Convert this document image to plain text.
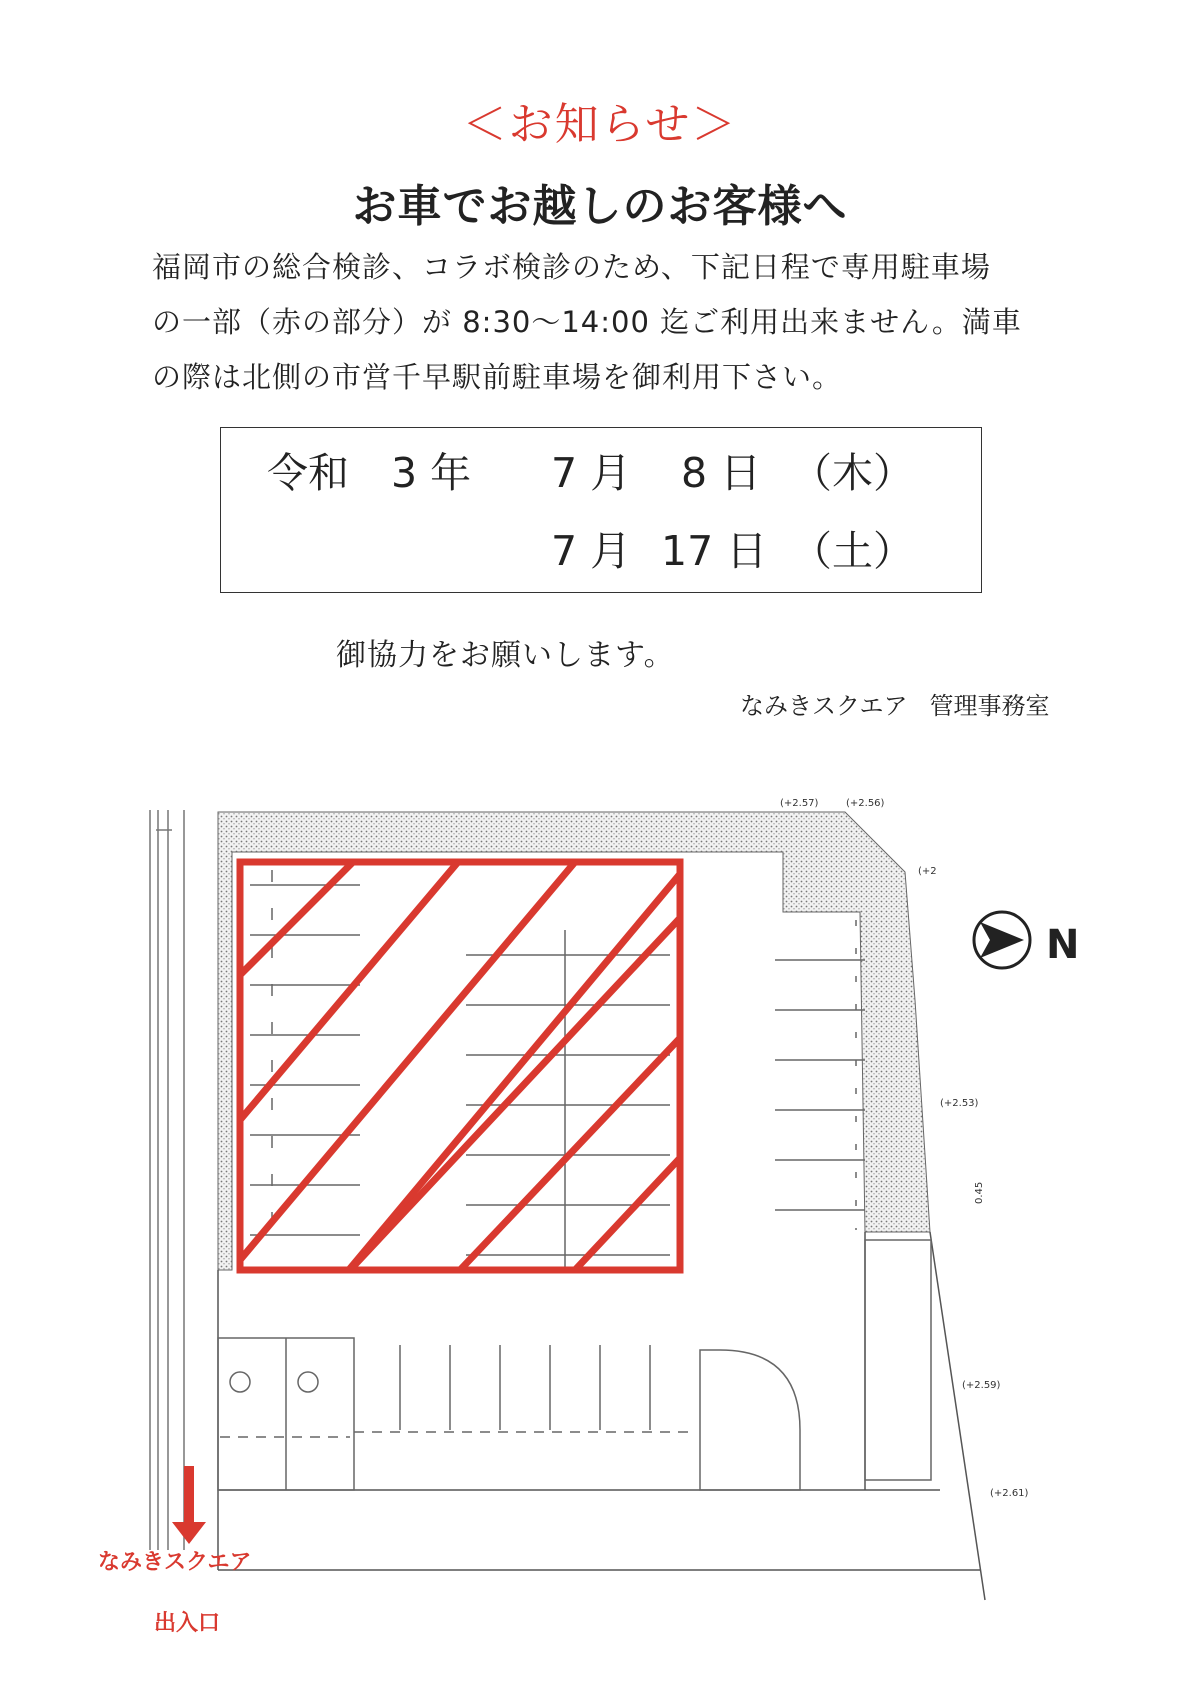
＜お知らせ＞
お車でお越しのお客様へ
福岡市の総合検診、コラボ検診のため、下記日程で専用駐車場
の一部（赤の部分）が 8:30～14:00 迄ご利用出来ません。満車
の際は北側の市営千早駅前駐車場を御利用下さい。
令和 3 年 7 月 8 日 （木）
7 月 17 日 （土）
御協力をお願いします。
なみきスクエア 管理事務室
(+2.57)	(+2.56)
(+2
(+2.53)
0.45
(+2.59)
(+2.61)
N
なみきスクエア
出入口
